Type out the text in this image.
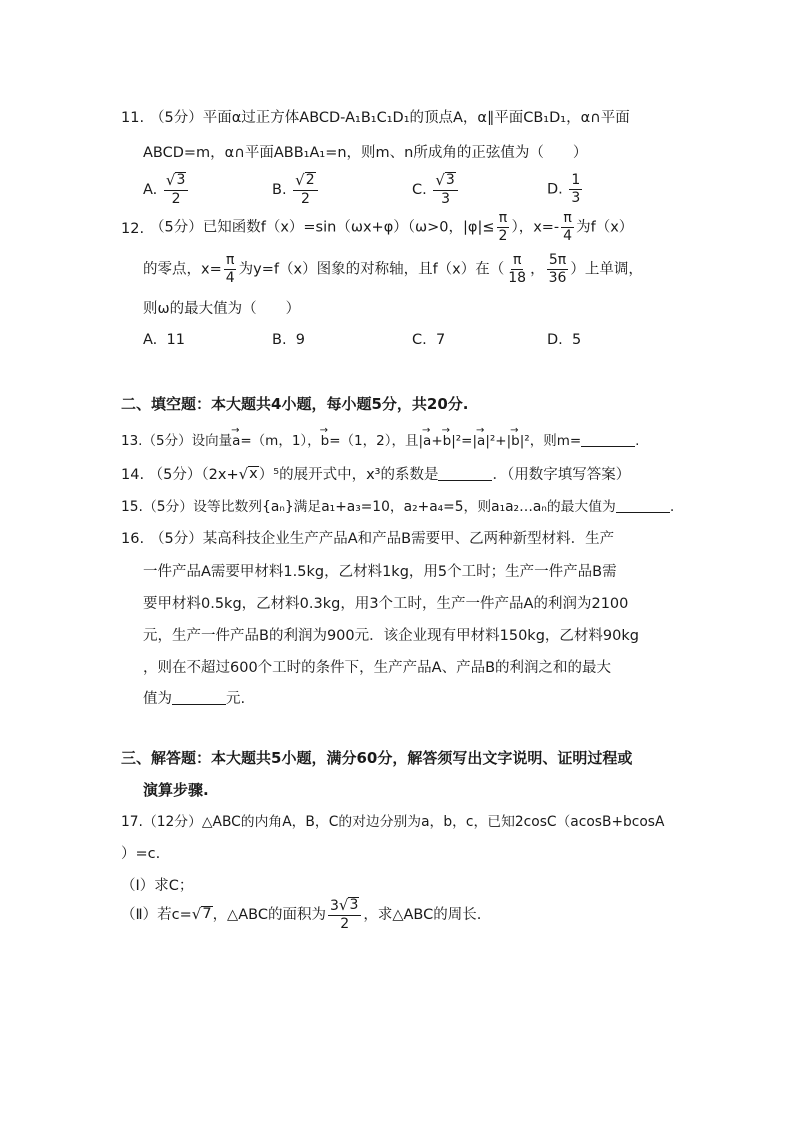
11. （5分）平面α过正方体ABCD-A₁B₁C₁D₁的顶点A，α∥平面CB₁D₁，α∩平面
ABCD=m，α∩平面ABB₁A₁=n，则m、n所成角的正弦值为（　　）
A. $\frac{√ 3}{2}$	B. $\frac{√ 2}{2}$	C. $\frac{√ 3}{3}$	D. $\frac{1}{3}$
12. （5分）已知函数f（x）=sin（ωx+φ）（ω>0，$|\varphi|\le \frac{\pi}{2}$ ），$x=- \frac{\pi}{4}$ 为f（x）
的零点，$x= \frac{\pi}{4}$ 为y=f（x）图象的对称轴，且f（x）在（ $\frac{\pi}{18}$ ， $\frac{5\pi}{36}$ ）上单调，
则ω的最大值为（　　）
A. 11	B. 9	C. 7	D. 5
二、填空题：本大题共4小题，每小题5分，共20分.
13.（5分）设向量→ a=（m，1），→ b=（1，2），且|→ a+→ b|²=|→ a|²+|→ b|²，则m=	.
14. （5分）（2x+ √ x ）⁵的展开式中，x³的系数是	．（用数字填写答案）
15.（5分）设等比数列{aₙ}满足a₁+a₃=10，a₂+a₄=5，则a₁a₂…aₙ的最大值为	.
16. （5分）某高科技企业生产产品A和产品B需要甲、乙两种新型材料．生产
一件产品A需要甲材料1.5kg，乙材料1kg，用5个工时；生产一件产品B需
要甲材料0.5kg，乙材料0.3kg，用3个工时，生产一件产品A的利润为2100
元，生产一件产品B的利润为900元．该企业现有甲材料150kg，乙材料90kg
，则在不超过600个工时的条件下，生产产品A、产品B的利润之和的最大
值为	元.
三、解答题：本大题共5小题，满分60分，解答须写出文字说明、证明过程或
演算步骤.
17.（12分）△ABC的内角A，B，C的对边分别为a，b，c，已知2cosC（acosB+bcosA
）=c.
（Ⅰ）求C；
（Ⅱ）若c= √ 7 ，△ABC的面积为 $\frac{3 √ 3}{2}$ ，求△ABC的周长.
